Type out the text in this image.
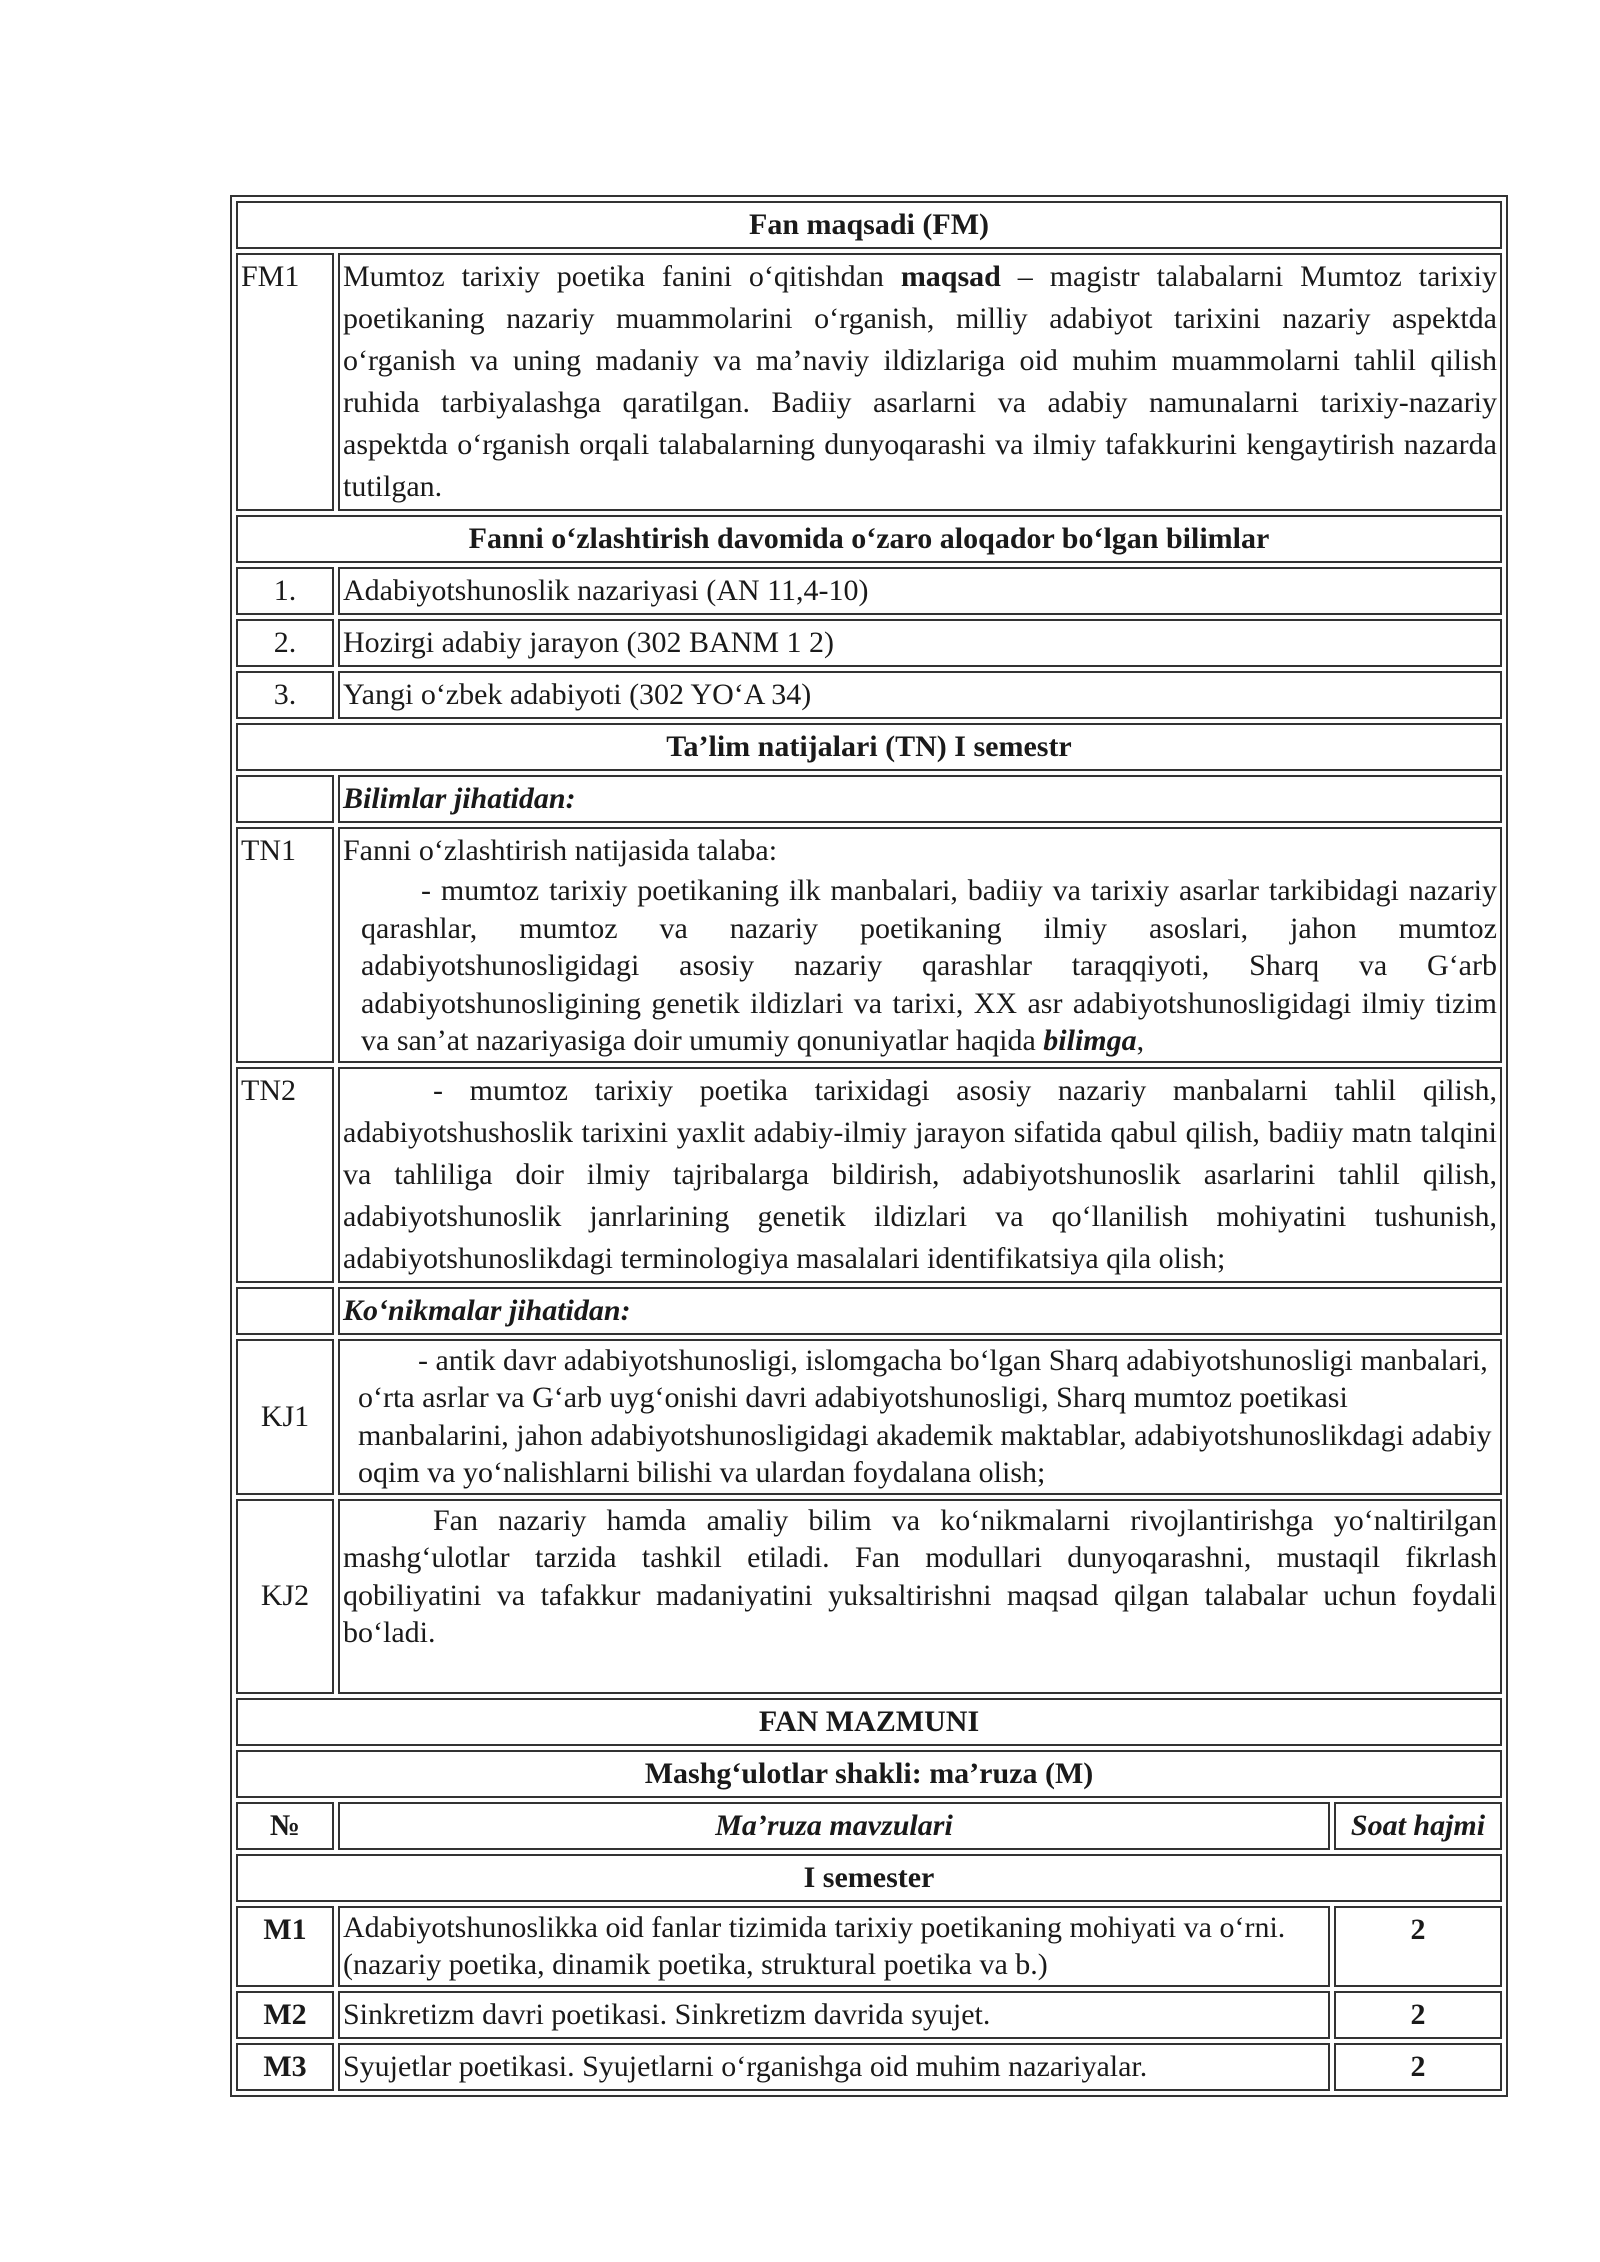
Fan maqsadi (FM)		
FM1	Mumtoz tarixiy poetika fanini o‘qitishdan maqsad – magistr talabalarni Mumtoz tarixiy poetikaning nazariy muammolarini o‘rganish, milliy adabiyot tarixini nazariy aspektda o‘rganish va uning madaniy va ma’naviy ildizlariga oid muhim muammolarni tahlil qilish ruhida tarbiyalashga qaratilgan. Badiiy asarlarni va adabiy namunalarni tarixiy-nazariy aspektda o‘rganish orqali talabalarning dunyoqarashi va ilmiy tafakkurini kengaytirish nazarda tutilgan.	
Fanni o‘zlashtirish davomida o‘zaro aloqador bo‘lgan bilimlar		
1.	Adabiyotshunoslik nazariyasi (AN 11,4-10)	
2.	Hozirgi adabiy jarayon (302 BANM 1 2)	
3.	Yangi o‘zbek adabiyoti (302 YO‘A 34)	
Ta’lim natijalari (TN) I semestr		
	Bilimlar jihatidan:	
TN1	Fanni o‘zlashtirish natijasida talaba:
- mumtoz tarixiy poetikaning ilk manbalari, badiiy va tarixiy asarlar tarkibidagi nazariy qarashlar, mumtoz va nazariy poetikaning ilmiy asoslari, jahon mumtoz adabiyotshunosligidagi asosiy nazariy qarashlar taraqqiyoti, Sharq va G‘arb adabiyotshunosligining genetik ildizlari va tarixi, XX asr adabiyotshunosligidagi ilmiy tizim va san’at nazariyasiga doir umumiy qonuniyatlar haqida bilimga,	

TN2	- mumtoz tarixiy poetika tarixidagi asosiy nazariy manbalarni tahlil qilish, adabiyotshushoslik tarixini yaxlit adabiy-ilmiy jarayon sifatida qabul qilish, badiiy matn talqini va tahliliga doir ilmiy tajribalarga bildirish, adabiyotshunoslik asarlarini tahlil qilish, adabiyotshunoslik janrlarining genetik ildizlari va qo‘llanilish mohiyatini tushunish, adabiyotshunoslikdagi terminologiya masalalari identifikatsiya qila olish;	
	Ko‘nikmalar jihatidan:	
KJ1	- antik davr adabiyotshunosligi, islomgacha bo‘lgan Sharq adabiyotshunosligi manbalari, o‘rta asrlar va G‘arb uyg‘onishi davri adabiyotshunosligi, Sharq mumtoz poetikasi manbalarini, jahon adabiyotshunosligidagi akademik maktablar, adabiyotshunoslikdagi adabiy oqim va yo‘nalishlarni bilishi va ulardan foydalana olish;	
KJ2	Fan nazariy hamda amaliy bilim va ko‘nikmalarni rivojlantirishga yo‘naltirilgan mashg‘ulotlar tarzida tashkil etiladi. Fan modullari dunyoqarashni, mustaqil fikrlash qobiliyatini va tafakkur madaniyatini yuksaltirishni maqsad qilgan talabalar uchun foydali bo‘ladi.	
FAN MAZMUNI		
Mashg‘ulotlar shakli: ma’ruza (M)		
№	Ma’ruza mavzulari	Soat hajmi
I semester		
M1	Adabiyotshunoslikka oid fanlar tizimida tarixiy poetikaning mohiyati va o‘rni. (nazariy poetika, dinamik poetika, struktural poetika va b.)	2
M2	Sinkretizm davri poetikasi. Sinkretizm davrida syujet.	2
M3	Syujetlar poetikasi. Syujetlarni o‘rganishga oid muhim nazariyalar.	2
